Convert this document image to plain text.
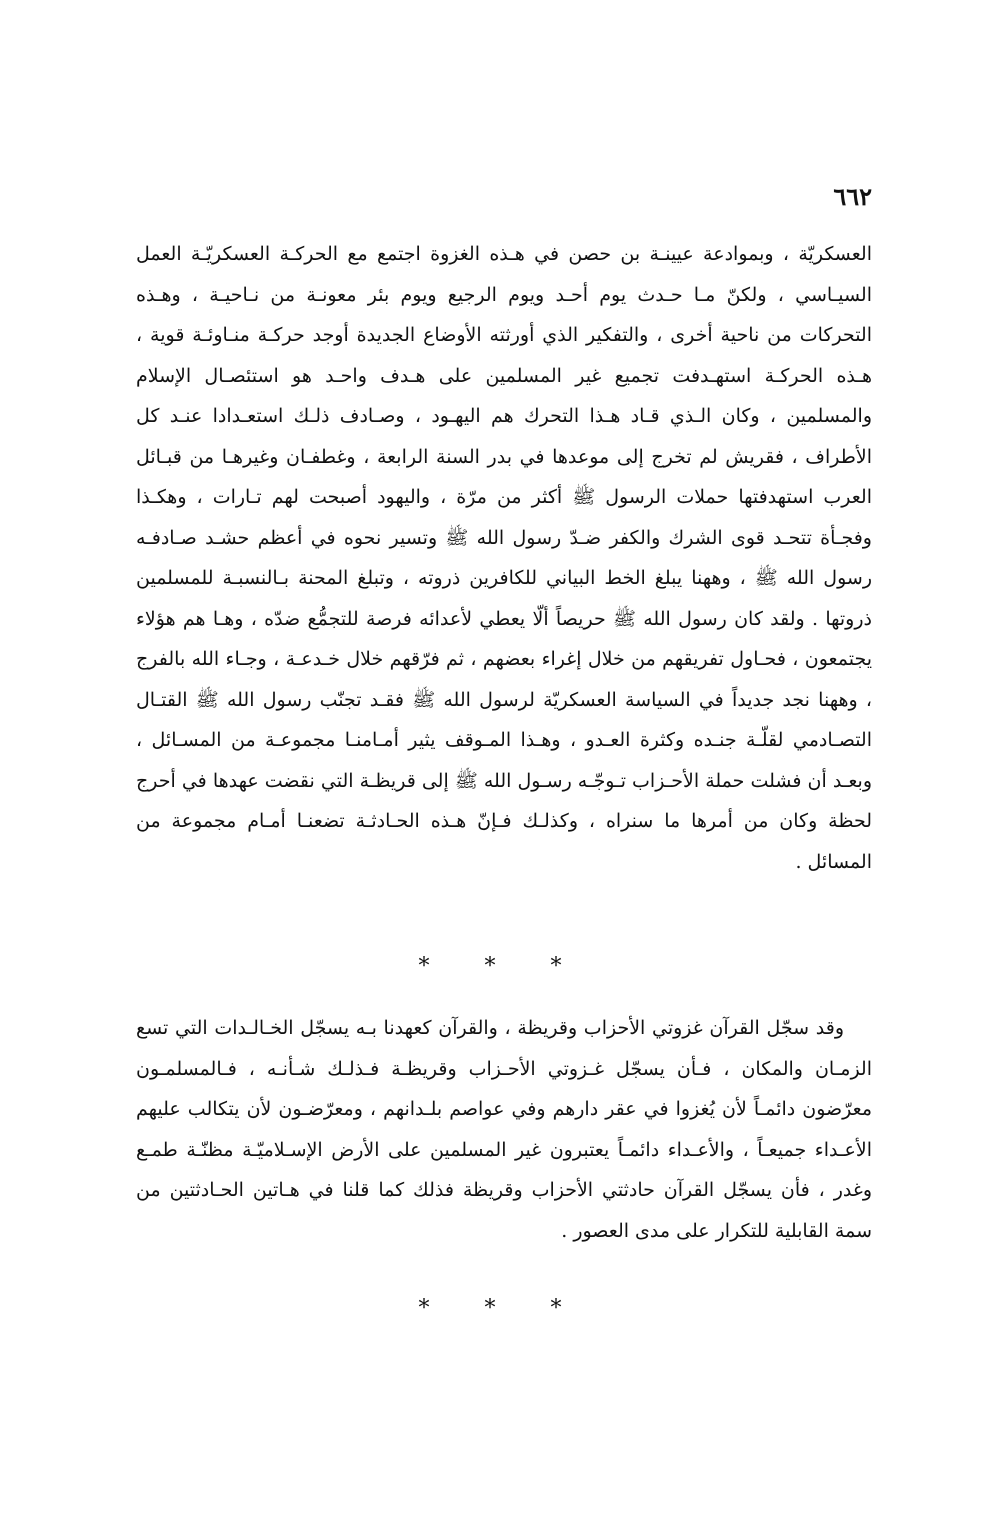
٦٦٢

العسكريّة ، وبموادعة عيينـة بن حصن في هـذه الغزوة اجتمع مع الحركـة العسكريّـة العمل السيـاسي ، ولكنّ مـا حـدث يوم أحـد ويوم الرجيع ويوم بئر معونـة من نـاحيـة ، وهـذه التحركات من ناحية أخرى ، والتفكير الذي أورثته الأوضاع الجديدة أوجد حركـة منـاوئـة قوية ، هـذه الحركـة استهـدفت تجميع غير المسلمين على هـدف واحـد هو استئصـال الإسلام والمسلمين ، وكان الـذي قـاد هـذا التحرك هم اليهـود ، وصـادف ذلـك استعـدادا عنـد كل الأطراف ، فقريش لم تخرج إلى موعدها في بدر السنة الرابعة ، وغطفـان وغيرهـا من قبـائل العرب استهدفتها حملات الرسول ﷺ أكثر من مرّة ، واليهود أصبحت لهم تـارات ، وهكـذا وفجـأة تتحـد قوى الشرك والكفر ضـدّ رسول الله ﷺ وتسير نحوه في أعظم حشـد صـادفـه رسول الله ﷺ ، وههنا يبلغ الخط البياني للكافرين ذروته ، وتبلغ المحنة بـالنسبـة للمسلمين ذروتها . ولقد كان رسول الله ﷺ حريصاً ألّا يعطي لأعدائه فرصة للتجمُّع ضدّه ، وهـا هم هؤلاء يجتمعون ، فحـاول تفريقهم من خلال إغراء بعضهم ، ثم فرّقهم خلال خـدعـة ، وجـاء الله بالفرج ، وههنا نجد جديداً في السياسة العسكريّة لرسول الله ﷺ فقـد تجنّب رسول الله ﷺ القتـال التصـادمي لقلّـة جنـده وكثرة العـدو ، وهـذا المـوقف يثير أمـامنـا مجموعـة من المسـائل ، وبعـد أن فشلت حملة الأحـزاب تـوجّـه رسـول الله ﷺ إلى قريظـة التي نقضت عهدها في أحرج لحظة وكان من أمرها ما سنراه ، وكذلـك فـإنّ هـذه الحـادثـة تضعنـا أمـام مجموعة من المسائل .

* * *

وقد سجّل القرآن غزوتي الأحزاب وقريظة ، والقرآن كعهدنا بـه يسجّل الخـالـدات التي تسع الزمـان والمكان ، فـأن يسجّل غـزوتي الأحـزاب وقريظـة فـذلـك شـأنـه ، فـالمسلمـون معرّضون دائمـاً لأن يُغزوا في عقر دارهم وفي عواصم بلـدانهم ، ومعرّضـون لأن يتكالب عليهم الأعـداء جميعـاً ، والأعـداء دائمـاً يعتبرون غير المسلمين على الأرض الإسـلاميّـة مظنّـة طمـع وغدر ، فأن يسجّل القرآن حادثتي الأحزاب وقريظة فذلك كما قلنا في هـاتين الحـادثتين من سمة القابلية للتكرار على مدى العصور .

* * *
